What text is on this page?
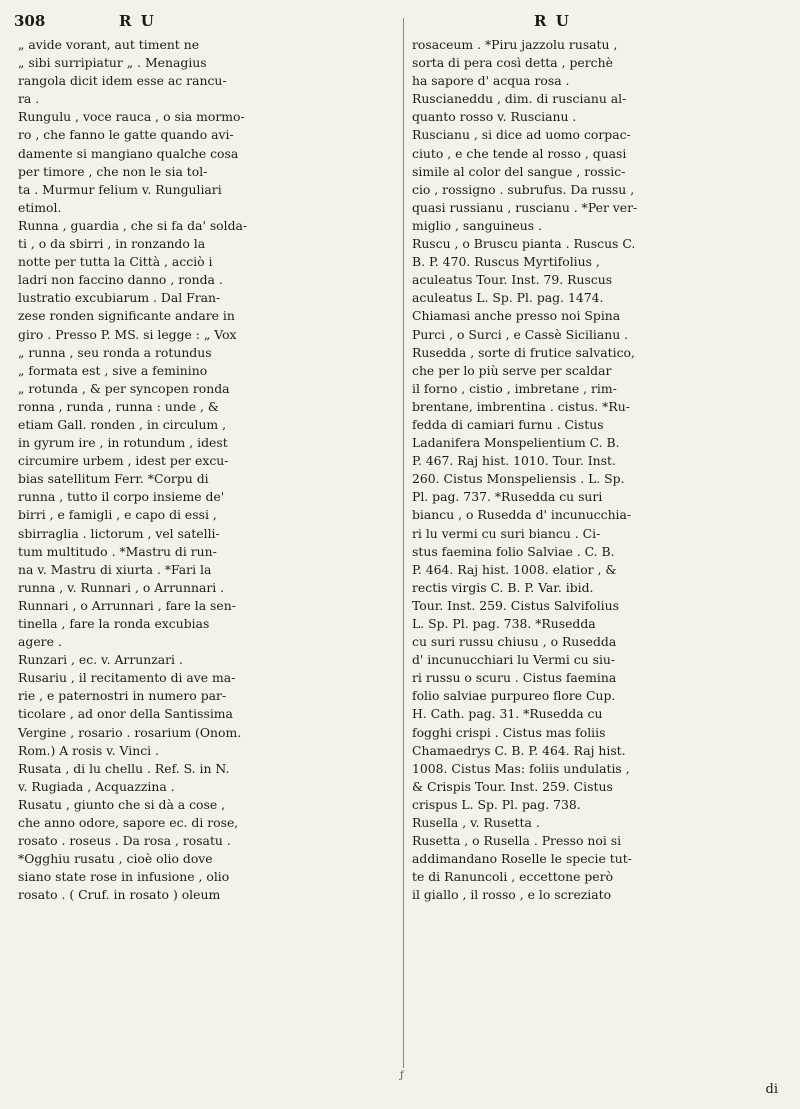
308	R U	R U
„ avide vorant, aut timent ne
„ sibi surripiatur „ . Menagius
rangola dicit idem esse ac rancu-
ra .
Rungulu , voce rauca , o sia mormo-
ro , che fanno le gatte quando avi-
damente si mangiano qualche cosa
per timore , che non le sia tol-
ta . Murmur felium v. Runguliari
etimol.
Runna , guardia , che si fa da' solda-
ti , o da sbirri , in ronzando la
notte per tutta la Città , acciò i
ladri non faccino danno , ronda .
lustratio excubiarum . Dal Fran-
zese ronden significante andare in
giro . Presso P. MS. si legge : „ Vox
„ runna , seu ronda a rotundus
„ formata est , sive a feminino
„ rotunda , & per syncopen ronda
ronna , runda , runna : unde , &
etiam Gall. ronden , in circulum ,
in gyrum ire , in rotundum , idest
circumire urbem , idest per excu-
bias satellitum Ferr. *Corpu di
runna , tutto il corpo insieme de'
birri , e famigli , e capo di essi ,
sbirraglia . lictorum , vel satelli-
tum multitudo . *Mastru di run-
na v. Mastru di xiurta . *Fari la
runna , v. Runnari , o Arrunnari .
Runnari , o Arrunnari , fare la sen-
tinella , fare la ronda excubias
agere .
Runzari , ec. v. Arrunzari .
Rusariu , il recitamento di ave ma-
rie , e paternostri in numero par-
ticolare , ad onor della Santissima
Vergine , rosario . rosarium (Onom.
Rom.) A rosis v. Vinci .
Rusata , di lu chellu . Ref. S. in N.
v. Rugiada , Acquazzina .
Rusatu , giunto che si dà a cose ,
che anno odore, sapore ec. di rose,
rosato . roseus . Da rosa , rosatu .
*Ogghiu rusatu , cioè olio dove
siano state rose in infusione , olio
rosato . ( Cruf. in rosato ) oleum
rosaceum . *Piru jazzolu rusatu ,
sorta di pera così detta , perchè
ha sapore d' acqua rosa .
Ruscianeddu , dim. di ruscianu al-
quanto rosso v. Ruscianu .
Ruscianu , si dice ad uomo corpac-
ciuto , e che tende al rosso , quasi
simile al color del sangue , rossic-
cio , rossigno . subrufus. Da russu ,
quasi russianu , ruscianu . *Per ver-
miglio , sanguineus .
Ruscu , o Bruscu pianta . Ruscus C.
B. P. 470. Ruscus Myrtifolius ,
aculeatus Tour. Inst. 79. Ruscus
aculeatus L. Sp. Pl. pag. 1474.
Chiamasi anche presso noi Spina
Purci , o Surci , e Cassè Sicilianu .
Rusedda , sorte di frutice salvatico,
che per lo più serve per scaldar
il forno , cistio , imbretane , rim-
brentane, imbrentina . cistus. *Ru-
fedda di camiari furnu . Cistus
Ladanifera Monspelientium C. B.
P. 467. Raj hist. 1010. Tour. Inst.
260. Cistus Monspeliensis . L. Sp.
Pl. pag. 737. *Rusedda cu suri
biancu , o Rusedda d' incunucchia-
ri lu vermi cu suri biancu . Ci-
stus faemina folio Salviae . C. B.
P. 464. Raj hist. 1008. elatior , &
rectis virgis C. B. P. Var. ibid.
Tour. Inst. 259. Cistus Salvifolius
L. Sp. Pl. pag. 738. *Rusedda
cu suri russu chiusu , o Rusedda
d' incunucchiari lu Vermi cu siu-
ri russu o scuru . Cistus faemina
folio salviae purpureo flore Cup.
H. Cath. pag. 31. *Rusedda cu
fogghi crispi . Cistus mas foliis
Chamaedrys C. B. P. 464. Raj hist.
1008. Cistus Mas: foliis undulatis ,
& Crispis Tour. Inst. 259. Cistus
crispus L. Sp. Pl. pag. 738.
Rusella , v. Rusetta .
Rusetta , o Rusella . Presso noi si
addimandano Roselle le specie tut-
te di Ranuncoli , eccettone però
il giallo , il rosso , e lo screziato
ƒ
di
